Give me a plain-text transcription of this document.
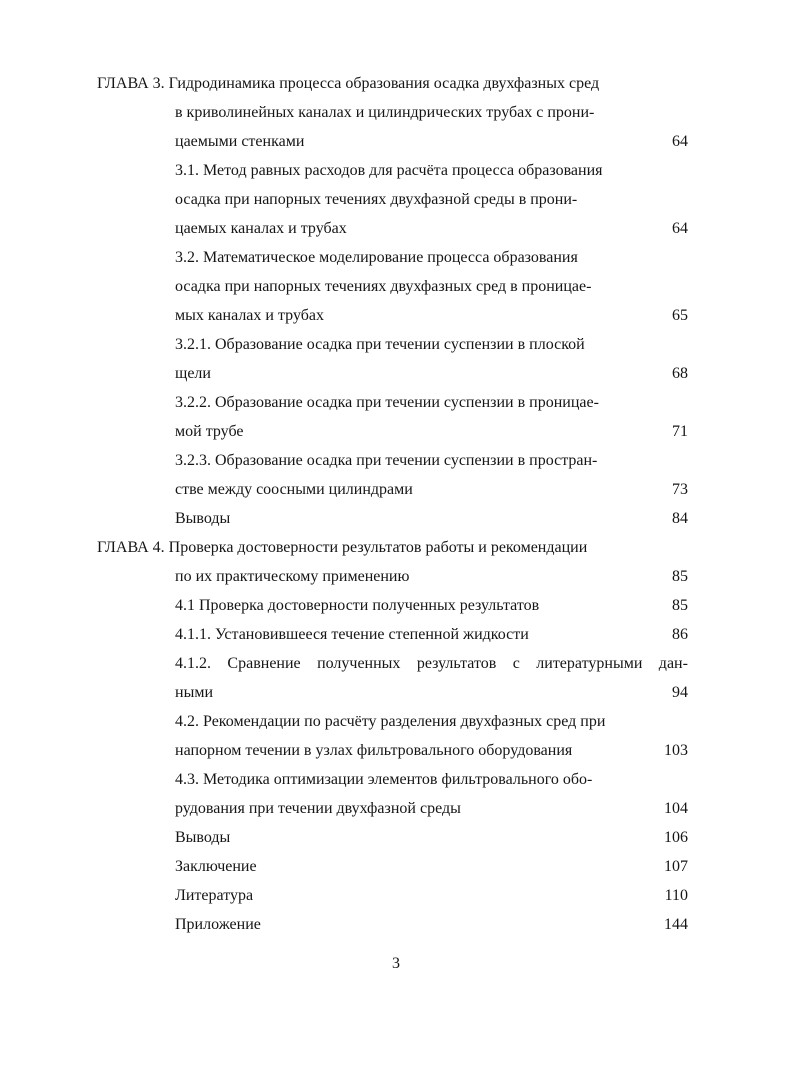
ГЛАВА 3. Гидродинамика процесса образования осадка двухфазных сред
в криволинейных каналах и цилиндрических трубах с прони-
цаемыми стенками	64
3.1. Метод равных расходов для расчёта процесса образования
осадка при напорных течениях двухфазной среды в прони-
цаемых каналах и трубах	64
3.2. Математическое моделирование процесса образования
осадка при напорных течениях двухфазных сред в проницае-
мых каналах и трубах	65
3.2.1. Образование осадка при течении суспензии в плоской
щели	68
3.2.2. Образование осадка при течении суспензии в проницае-
мой трубе	71
3.2.3. Образование осадка при течении суспензии в простран-
стве между соосными цилиндрами	73
Выводы	84
ГЛАВА 4. Проверка достоверности результатов работы и рекомендации
по их практическому применению	85
4.1 Проверка достоверности полученных результатов	85
4.1.1. Установившееся течение степенной жидкости	86
4.1.2. Сравнение полученных результатов с литературными дан-
ными	94
4.2. Рекомендации по расчёту разделения двухфазных сред при
напорном течении в узлах фильтровального оборудования	103
4.3. Методика оптимизации элементов фильтровального обо-
рудования при течении двухфазной среды	104
Выводы	106
Заключение	107
Литература	110
Приложение	144
3
